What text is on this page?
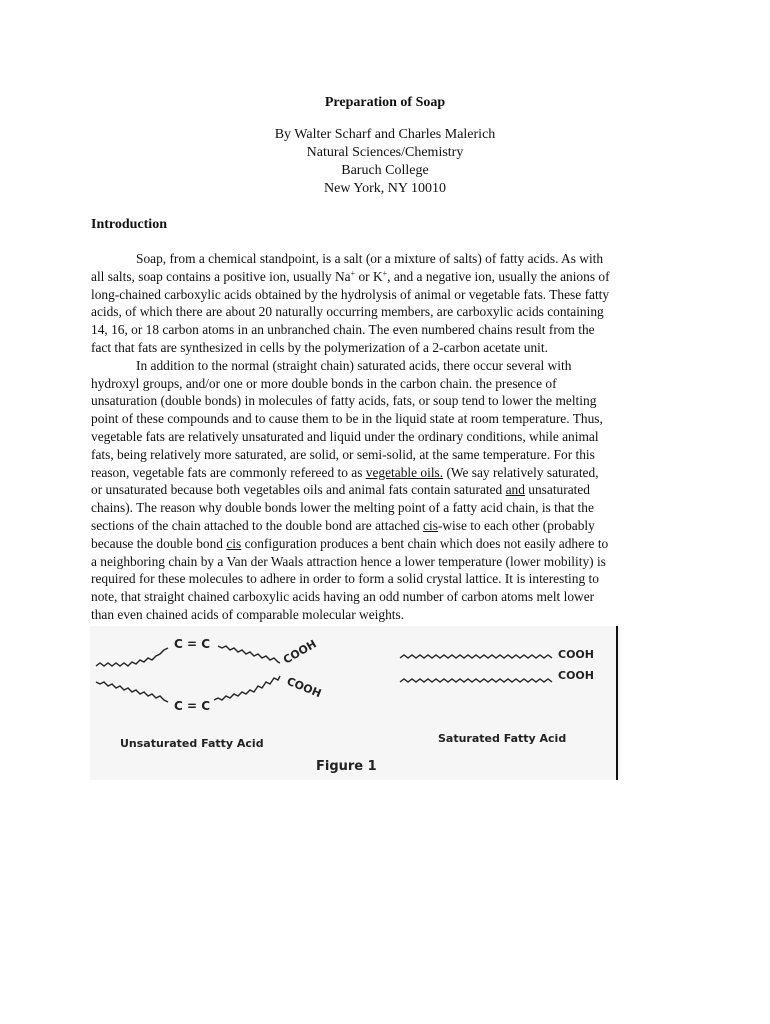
Preparation of Soap
By Walter Scharf and Charles Malerich
Natural Sciences/Chemistry
Baruch College
New York, NY 10010
Introduction
Soap, from a chemical standpoint, is a salt (or a mixture of salts) of fatty acids. As with
all salts, soap contains a positive ion, usually Na+ or K+, and a negative ion, usually the anions of
long-chained carboxylic acids obtained by the hydrolysis of animal or vegetable fats. These fatty
acids, of which there are about 20 naturally occurring members, are carboxylic acids containing
14, 16, or 18 carbon atoms in an unbranched chain. The even numbered chains result from the
fact that fats are synthesized in cells by the polymerization of a 2-carbon acetate unit.
In addition to the normal (straight chain) saturated acids, there occur several with
hydroxyl groups, and/or one or more double bonds in the carbon chain. the presence of
unsaturation (double bonds) in molecules of fatty acids, fats, or soup tend to lower the melting
point of these compounds and to cause them to be in the liquid state at room temperature. Thus,
vegetable fats are relatively unsaturated and liquid under the ordinary conditions, while animal
fats, being relatively more saturated, are solid, or semi-solid, at the same temperature. For this
reason, vegetable fats are commonly refereed to as vegetable oils. (We say relatively saturated,
or unsaturated because both vegetables oils and animal fats contain saturated and unsaturated
chains). The reason why double bonds lower the melting point of a fatty acid chain, is that the
sections of the chain attached to the double bond are attached cis-wise to each other (probably
because the double bond cis configuration produces a bent chain which does not easily adhere to
a neighboring chain by a Van der Waals attraction hence a lower temperature (lower mobility) is
required for these molecules to adhere in order to form a solid crystal lattice. It is interesting to
note, that straight chained carboxylic acids having an odd number of carbon atoms melt lower
than even chained acids of comparable molecular weights.
C = C
C = C
COOH
COOH
COOH
COOH
Unsaturated Fatty Acid	Saturated Fatty Acid
Figure 1
